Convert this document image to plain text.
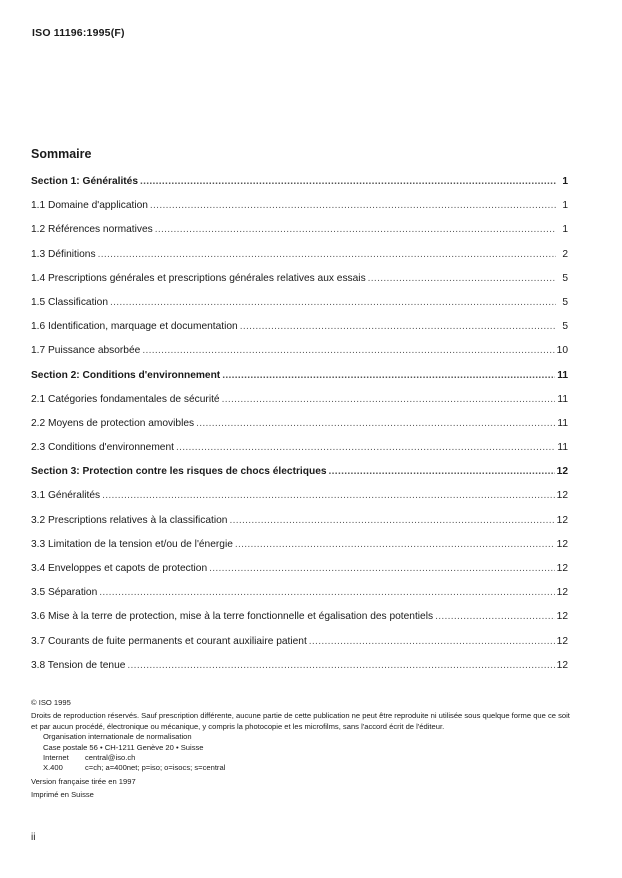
ISO 11196:1995(F)
Sommaire
Section 1: Généralités .....	1
1.1 Domaine d'application .....	1
1.2 Références normatives .....	1
1.3 Définitions .....	2
1.4 Prescriptions générales et prescriptions générales relatives aux essais .....	5
1.5 Classification .....	5
1.6 Identification, marquage et documentation .....	5
1.7 Puissance absorbée .....	10
Section 2: Conditions d'environnement .....	11
2.1 Catégories fondamentales de sécurité .....	11
2.2 Moyens de protection amovibles .....	11
2.3 Conditions d'environnement .....	11
Section 3: Protection contre les risques de chocs électriques .....	12
3.1 Généralités .....	12
3.2 Prescriptions relatives à la classification .....	12
3.3 Limitation de la tension et/ou de l'énergie .....	12
3.4 Enveloppes et capots de protection .....	12
3.5 Séparation .....	12
3.6 Mise à la terre de protection, mise à la terre fonctionnelle et égalisation des potentiels .....	12
3.7 Courants de fuite permanents et courant auxiliaire patient .....	12
3.8 Tension de tenue .....	12
© ISO 1995
Droits de reproduction réservés. Sauf prescription différente, aucune partie de cette publication ne peut être reproduite ni utilisée sous quelque forme que ce soit et par aucun procédé, électronique ou mécanique, y compris la photocopie et les microfilms, sans l'accord écrit de l'éditeur.
Organisation internationale de normalisation
Case postale 56 • CH-1211 Genève 20 • Suisse
Internet	central@iso.ch
X.400	c=ch; a=400net; p=iso; o=isocs; s=central
Version française tirée en 1997
Imprimé en Suisse
ii
